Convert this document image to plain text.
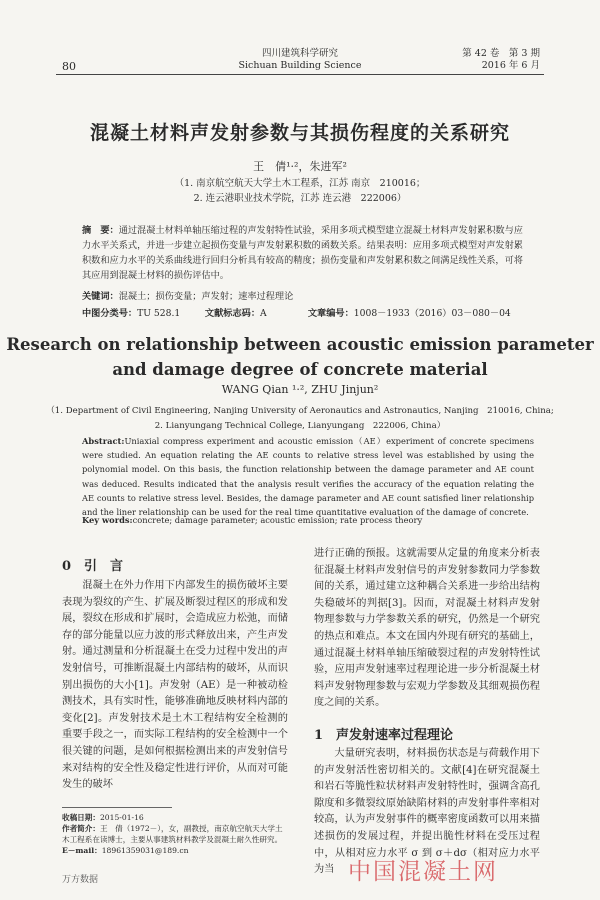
80
四川建筑科学研究
Sichuan Building Science
第 42 卷　第 3 期
2016 年 6 月
混凝土材料声发射参数与其损伤程度的关系研究
王　倩¹·²，朱进军²
（1. 南京航空航天大学土木工程系，江苏 南京　210016；
2. 连云港职业技术学院，江苏 连云港　222006）
摘　要：通过混凝土材料单轴压缩过程的声发射特性试验，采用多项式模型建立混凝土材料声发射累积数与应力水平关系式，并进一步建立起损伤变量与声发射累积数的函数关系。结果表明：应用多项式模型对声发射累积数和应力水平的关系曲线进行回归分析具有较高的精度；损伤变量和声发射累积数之间满足线性关系，可将其应用到混凝土材料的损伤评估中。
关键词：混凝土；损伤变量；声发射；速率过程理论
中图分类号：TU 528.1	文献标志码：A	文章编号：1008－1933（2016）03－080－04
Research on relationship between acoustic emission parameter
and damage degree of concrete material
WANG Qian ¹·², ZHU Jinjun²
（1. Department of Civil Engineering, Nanjing University of Aeronautics and Astronautics, Nanjing　210016, China;
2. Lianyungang Technical College, Lianyungang　222006, China）
Abstract:Uniaxial compress experiment and acoustic emission（AE）experiment of concrete specimens were studied. An equation relating the AE counts to relative stress level was established by using the polynomial model. On this basis, the function relationship between the damage parameter and AE count was deduced. Results indicated that the analysis result verifies the accuracy of the equation relating the AE counts to relative stress level. Besides, the damage parameter and AE count satisfied liner relationship and the liner relationship can be used for the real time quantitative evaluation of the damage of concrete.
Key words:concrete; damage parameter; acoustic emission; rate process theory
0　引　言
混凝土在外力作用下内部发生的损伤破坏主要表现为裂纹的产生、扩展及断裂过程区的形成和发展，裂纹在形成和扩展时，会造成应力松弛，而储存的部分能量以应力波的形式释放出来，产生声发射。通过测量和分析混凝土在受力过程中发出的声发射信号，可推断混凝土内部结构的破坏，从而识别出损伤的大小[1]。声发射（AE）是一种被动检测技术，具有实时性，能够准确地反映材料内部的变化[2]。声发射技术是土木工程结构安全检测的重要手段之一，而实际工程结构的安全检测中一个很关键的问题，是如何根据检测出来的声发射信号来对结构的安全性及稳定性进行评价，从而对可能发生的破坏
收稿日期：2015-01-16
作者简介：王　倩（1972－），女，副教授，南京航空航天大学土木工程系在读博士，主要从事建筑材料教学及混凝土耐久性研究。
E－mail：18961359031@189.cn
进行正确的预报。这就需要从定量的角度来分析表征混凝土材料声发射信号的声发射参数同力学参数间的关系，通过建立这种耦合关系进一步给出结构失稳破坏的判据[3]。因而，对混凝土材料声发射物理参数与力学参数关系的研究，仍然是一个研究的热点和难点。本文在国内外现有研究的基础上，通过混凝土材料单轴压缩破裂过程的声发射特性试验，应用声发射速率过程理论进一步分析混凝土材料声发射物理参数与宏观力学参数及其细观损伤程度之间的关系。
1　声发射速率过程理论
大量研究表明，材料损伤状态是与荷载作用下的声发射活性密切相关的。文献[4]在研究混凝土和岩石等脆性粒状材料声发射特性时，强调含高孔隙度和多微裂纹原始缺陷材料的声发射事件率相对较高，认为声发射事件的概率密度函数可以用来描述损伤的发展过程，并提出脆性材料在受压过程中，从相对应力水平 σ 到 σ＋dσ（相对应力水平为当 中国混凝土网
万方数据
